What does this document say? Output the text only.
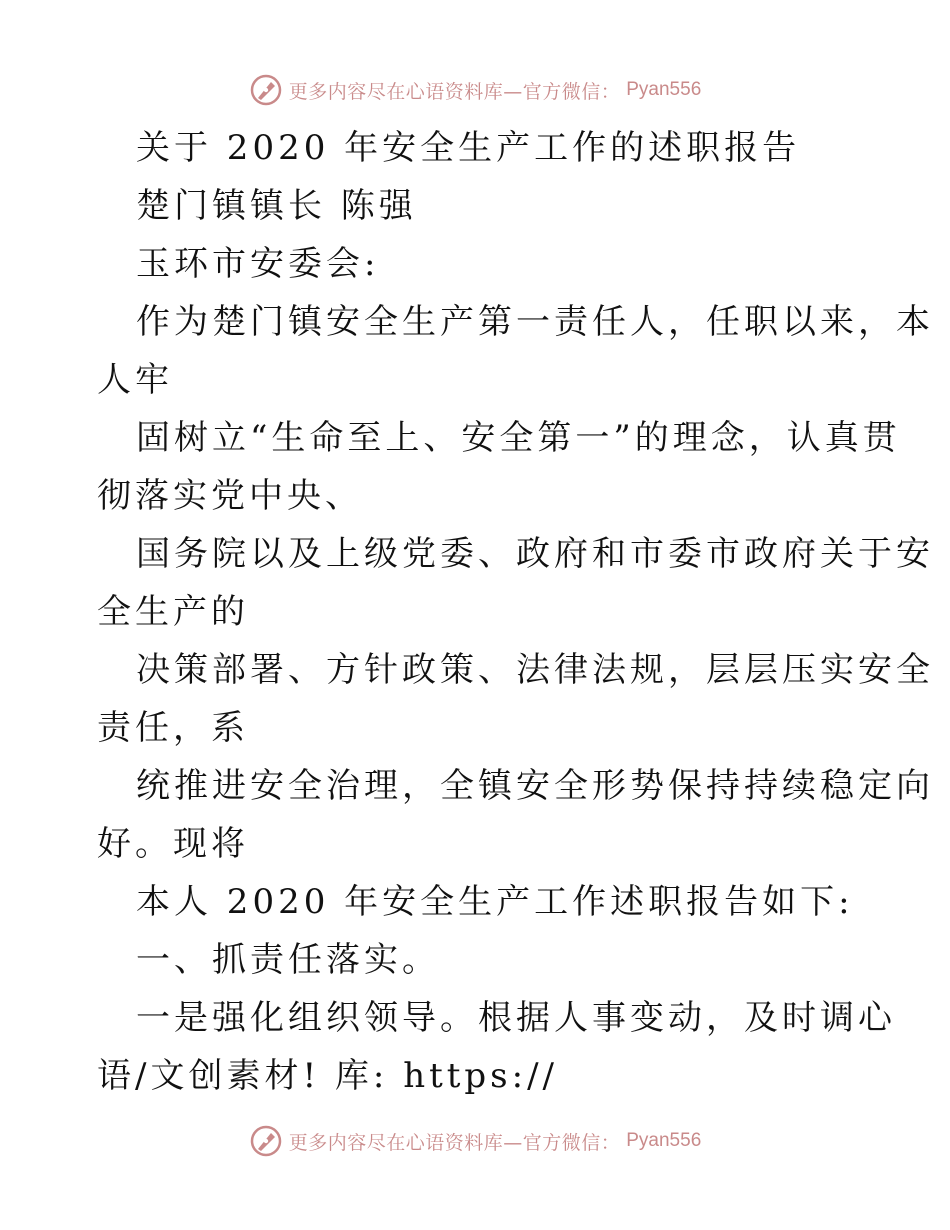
更多内容尽在心语资料库—官方微信： Pyan556
关于 2020 年安全生产工作的述职报告
楚门镇镇长 陈强
玉环市安委会:
作为楚门镇安全生产第一责任人，任职以来，本
人牢
固树立“生命至上、安全第一”的理念，认真贯
彻落实党中央、
国务院以及上级党委、政府和市委市政府关于安
全生产的
决策部署、方针政策、法律法规，层层压实安全
责任，系
统推进安全治理，全镇安全形势保持持续稳定向
好。现将
本人 2020 年安全生产工作述职报告如下:
一、抓责任落实。
一是强化组织领导。根据人事变动，及时调心
语/文创素材! 库: https://
更多内容尽在心语资料库—官方微信： Pyan556
